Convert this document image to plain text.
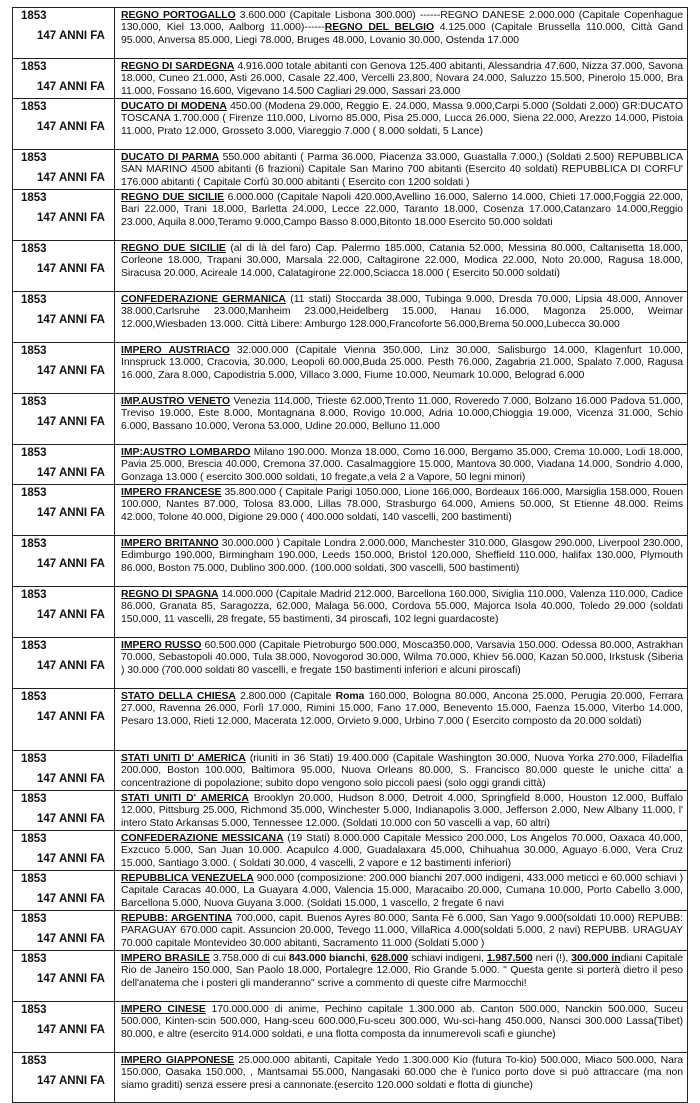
1853
147 ANNI FA
REGNO PORTOGALLO 3.600.000 (Capitale Lisbona 300.000) ------REGNO DANESE 2.000.000 (Capitale Copenhague 130.000, Kiel 13.000, Aalborg 11.000)------REGNO DEL BELGIO 4.125.000 (Capitale Brussella 110.000, Città Gand 95.000, Anversa 85.000, Liegi 78.000, Bruges 48.000, Lovanio 30.000, Ostenda 17.000
1853
147 ANNI FA
REGNO DI SARDEGNA 4.916.000 totale abitanti con Genova 125.400 abitanti, Alessandria 47.600, Nizza 37.000, Savona 18.000, Cuneo 21.000, Asti 26.000, Casale 22.400, Vercelli 23.800, Novara 24.000, Saluzzo 15.500, Pinerolo 15.000, Bra 11.000, Fossano 16.600, Vigevano 14.500 Cagliari 29.000, Sassari 23.000
1853
147 ANNI FA
DUCATO DI MODENA 450.00 (Modena 29.000, Reggio E. 24.000, Massa 9.000,Carpi 5.000 (Soldati 2.000) GR:DUCATO TOSCANA 1.700.000 ( Firenze 110.000, Livorno 85.000, Pisa 25.000, Lucca 26.000, Siena 22.000, Arezzo 14.000, Pistoia 11.000, Prato 12.000, Grosseto 3.000, Viareggio 7.000 ( 8.000 soldati, 5 Lance)
1853
147 ANNI FA
DUCATO DI PARMA 550.000 abitanti ( Parma 36.000, Piacenza 33.000, Guastalla 7.000,) (Soldati 2.500) REPUBBLICA SAN MARINO 4500 abitanti (6 frazioni) Capitale San Marino 700 abitanti (Esercito 40 soldati) REPUBBLICA DI CORFU' 176.000 abitanti ( Capitale Corfù 30.000 abitanti ( Esercito con 1200 soldati )
1853
147 ANNI FA
REGNO DUE SICILIE 6.000.000 (Capitale Napoli 420.000,Avellino 16.000, Salerno 14.000, Chieti 17.000,Foggia 22.000, Bari 22.000, Trani 18.000, Barletta 24.000, Lecce 22.000, Taranto 18.000, Cosenza 17.000,Catanzaro 14.000,Reggio 23.000, Aquila 8.000,Teramo 9.000,Campo Basso 8.000,Bitonto 18.000 Esercito 50.000 soldati
1853
147 ANNI FA
REGNO DUE SICILIE (al di là del faro) Cap. Palermo 185.000, Catania 52.000, Messina 80.000, Caltanisetta 18.000, Corleone 18.000, Trapani 30.000, Marsala 22.000, Caltagirone 22.000, Modica 22.000, Noto 20.000, Ragusa 18.000, Siracusa 20.000, Acireale 14.000, Calatagirone 22.000,Sciacca 18.000 ( Esercito 50.000 soldati)
1853
147 ANNI FA
CONFEDERAZIONE GERMANICA (11 stati) Stoccarda 38.000, Tubinga 9.000, Dresda 70.000, Lipsia 48.000, Annover 38.000,Carlsruhe 23.000,Manheim 23.000,Heidelberg 15.000, Hanau 16.000, Magonza 25.000, Weimar 12.000,Wiesbaden 13.000. Città Libere: Amburgo 128.000,Francoforte 56.000,Brema 50.000,Lubecca 30.000
1853
147 ANNI FA
IMPERO AUSTRIACO 32.000.000 (Capitale Vienna 350.000, Linz 30.000, Salisburgo 14.000, Klagenfurt 10.000, Innspruck 13.000, Cracovia, 30.000, Leopoli 60.000,Buda 25.000. Pesth 76.000, Zagabria 21.000, Spalato 7.000, Ragusa 16.000, Zara 8.000, Capodistria 5.000, Villaco 3.000, Fiume 10.000, Neumark 10.000, Belograd 6.000
1853
147 ANNI FA
IMP.AUSTRO VENETO Venezia 114.000, Trieste 62.000,Trento 11.000, Roveredo 7.000, Bolzano 16.000 Padova 51.000, Treviso 19.000, Este 8.000, Montagnana 8.000, Rovigo 10.000, Adria 10.000,Chioggia 19.000, Vicenza 31.000, Schio 6.000, Bassano 10.000, Verona 53.000, Udine 20.000, Belluno 11.000
1853
147 ANNI FA
IMP:AUSTRO LOMBARDO Milano 190.000. Monza 18.000, Como 16.000, Bergamo 35.000, Crema 10.000, Lodi 18.000, Pavia 25.000, Brescia 40.000, Cremona 37.000. Casalmaggiore 15.000, Mantova 30.000, Viadana 14.000, Sondrio 4.000, Gonzaga 13.000 ( esercito 300.000 soldati, 10 fregate,a vela 2 a Vapore, 50 legni minori)
1853
147 ANNI FA
IMPERO FRANCESE 35.800.000 ( Capitale Parigi 1050.000, Lione 166.000, Bordeaux 166.000, Marsiglia 158.000, Rouen 100.000, Nantes 87.000, Tolosa 83.000, Lillas 78.000, Strasburgo 64.000, Amiens 50.000, St Etienne 48.000. Reims 42.000, Tolone 40.000, Digione 29.000 ( 400.000 soldati, 140 vascelli, 200 bastimenti)
1853
147 ANNI FA
IMPERO BRITANNO 30.000.000 ) Capitale Londra 2.000.000, Manchester 310.000, Glasgow 290.000, Liverpool 230.000, Edimburgo 190.000, Birmingham 190.000, Leeds 150.000, Bristol 120.000, Sheffield 110.000, halifax 130.000, Plymouth 86.000, Boston 75.000, Dublino 300.000. (100.000 soldati, 300 vascelli, 500 bastimenti)
1853
147 ANNI FA
REGNO DI SPAGNA 14.000.000 (Capitale Madrid 212.000, Barcellona 160.000, Siviglia 110.000, Valenza 110.000, Cadice 86.000, Granata 85, Saragozza, 62.000, Malaga 56.000, Cordova 55.000, Majorca Isola 40.000, Toledo 29.000 (soldati 150.000, 11 vascelli, 28 fregate, 55 bastimenti, 34 piroscafi, 102 legni guardacoste)
1853
147 ANNI FA
IMPERO RUSSO 60.500.000 (Capitale Pietroburgo 500.000, Mosca350.000, Varsavia 150.000. Odessa 80.000, Astrakhan 70.000, Sebastopoli 40.000, Tula 38.000, Novogorod 30.000, Wilma 70.000, Khiev 56.000, Kazan 50.000, Irkstusk (Siberia ) 30.000 (700.000 soldati 80 vascelli, e fregate 150 bastimenti inferiori e alcuni piroscafi)
1853
147 ANNI FA
STATO DELLA CHIESA 2.800.000 (Capitale Roma 160.000, Bologna 80.000, Ancona 25.000, Perugia 20.000, Ferrara 27.000, Ravenna 26.000, Forlì 17.000, Rimini 15.000, Fano 17.000, Benevento 15.000, Faenza 15.000, Viterbo 14.000, Pesaro 13.000, Rieti 12.000, Macerata 12.000, Orvieto 9.000, Urbino 7.000 ( Esercito composto da 20.000 soldati)
1853
147 ANNI FA
STATI UNITI D' AMERICA (riuniti in 36 Stati) 19.400.000 (Capitale Washington 30.000, Nuova Yorka 270.000, Filadelfia 200.000, Boston 100.000, Baltimora 95.000, Nuova Orleans 80.000, S. Francisco 80.000 queste le uniche citta' a concentrazione di popolazione; subito dopo vengono solo piccoli paesi (solo oggi grandi città)
1853
147 ANNI FA
STATI UNITI D' AMERICA Brooklyn 20.000, Hudson 8.000, Detroit 4.000, Springfield 8.000, Houston 12.000, Buffalo 12.000, Pittsburg 25.000, Richmond 35.000, Winchester 5.000, Indianapolis 3.000, Jefferson 2.000, New Albany 11.000, l' intero Stato Arkansas 5.000, Tennessee 12.000. (Soldati 10.000 con 50 vascelli a vap, 60 altri)
1853
147 ANNI FA
CONFEDERAZIONE MESSICANA (19 Stati) 8.000.000 Capitale Messico 200.000, Los Angelos 70.000, Oaxaca 40.000, Exzcuco 5.000, San Juan 10.000. Acapulco 4.000, Guadalaxara 45.000, Chihuahua 30.000, Aguayo 6.000, Vera Cruz 15.000, Santiago 3.000. ( Soldati 30.000, 4 vascelli, 2 vapore e 12 bastimenti inferiori)
1853
147 ANNI FA
REPUBBLICA VENEZUELA 900.000 (composizione: 200.000 bianchi 207.000 indigeni, 433.000 meticci e 60.000 schiavi ) Capitale Caracas 40.000, La Guayara 4.000, Valencia 15.000, Maracaibo 20.000, Cumana 10.000, Porto Cabello 3.000, Barcellona 5.000, Nuova Guyana 3.000. (Soldati 15.000, 1 vascello, 2 fregate 6 navi
1853
147 ANNI FA
REPUBB: ARGENTINA 700.000, capit. Buenos Ayres 80.000, Santa Fè 6.000, San Yago 9.000(soldati 10.000) REPUBB: PARAGUAY 670.000 capit. Assuncion 20.000, Tevego 11.000, VillaRica 4.000(soldati 5.000, 2 navi) REPUBB. URAGUAY 70.000 capitale Montevideo 30.000 abitanti, Sacramento 11.000 (Soldati 5.000 )
1853
147 ANNI FA
IMPERO BRASILE 3.758.000 di cui 843.000 bianchi, 628.000 schiavi indigeni, 1.987.500 neri (!), 300.000 indiani Capitale Rio de Janeiro 150.000, San Paolo 18.000, Portalegre 12.000, Rio Grande 5.000. " Questa gente si porterà dietro il peso dell'anatema che i posteri gli manderanno" scrive a commento di queste cifre Marmocchi!
1853
147 ANNI FA
IMPERO CINESE 170.000.000 di anime, Pechino capitale 1.300.000 ab. Canton 500.000, Nanckin 500.000, Suceu 500.000, Kinten-scin 500.000, Hang-sceu 600.000,Fu-sceu 300.000, Wu-sci-hang 450.000, Nansci 300.000 Lassa(Tibet) 80.000, e altre (esercito 914.000 soldati, e una flotta composta da innumerevoli scafi e giunche)
1853
147 ANNI FA
IMPERO GIAPPONESE 25.000.000 abitanti, Capitale Yedo 1.300.000 Kio (futura To-kio) 500.000, Miaco 500.000, Nara 150.000, Oasaka 150.000, , Mantsamai 55.000, Nangasaki 60.000 che è l'unico porto dove si può attraccare (ma non siamo graditi) senza essere presi a cannonate.(esercito 120.000 soldati e flotta di giunche)
